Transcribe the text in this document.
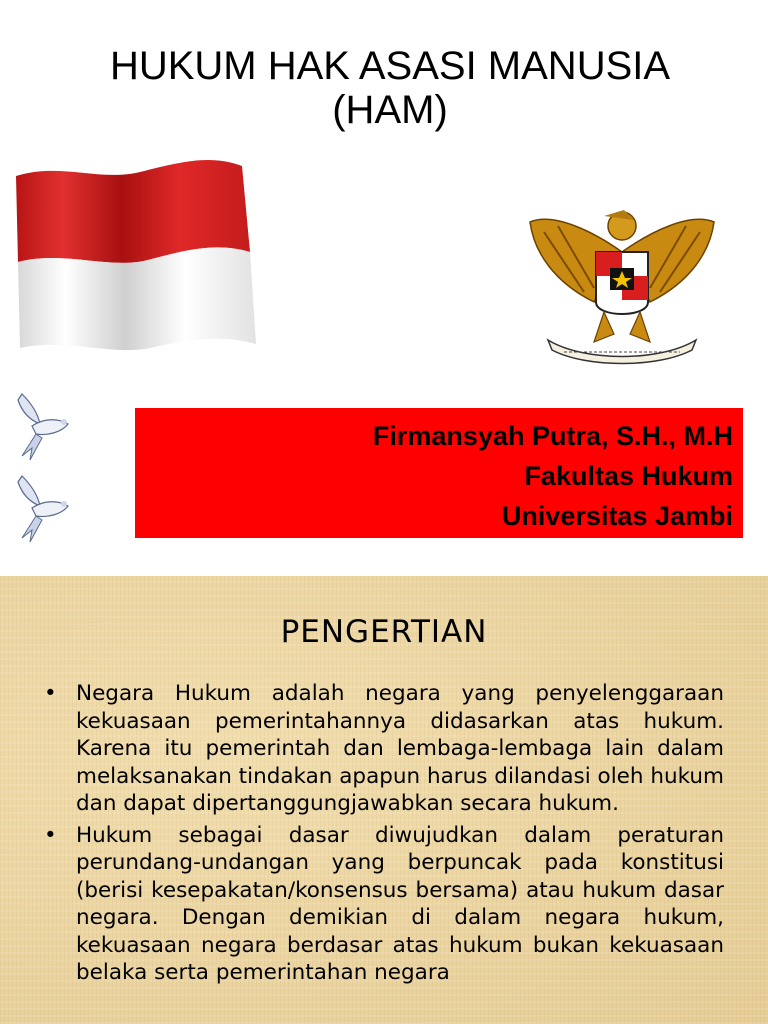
HUKUM HAK ASASI MANUSIA
(HAM)
Firmansyah Putra, S.H., M.H
Fakultas Hukum
Universitas Jambi
PENGERTIAN
• Negara Hukum adalah negara yang penyelenggaraan kekuasaan pemerintahannya didasarkan atas hukum. Karena itu pemerintah dan lembaga-lembaga lain dalam melaksanakan tindakan apapun harus dilandasi oleh hukum dan dapat dipertanggungjawabkan secara hukum.
• Hukum sebagai dasar diwujudkan dalam peraturan perundang-undangan yang berpuncak pada konstitusi (berisi kesepakatan/konsensus bersama) atau hukum dasar negara. Dengan demikian di dalam negara hukum, kekuasaan negara berdasar atas hukum bukan kekuasaan belaka serta pemerintahan negara
